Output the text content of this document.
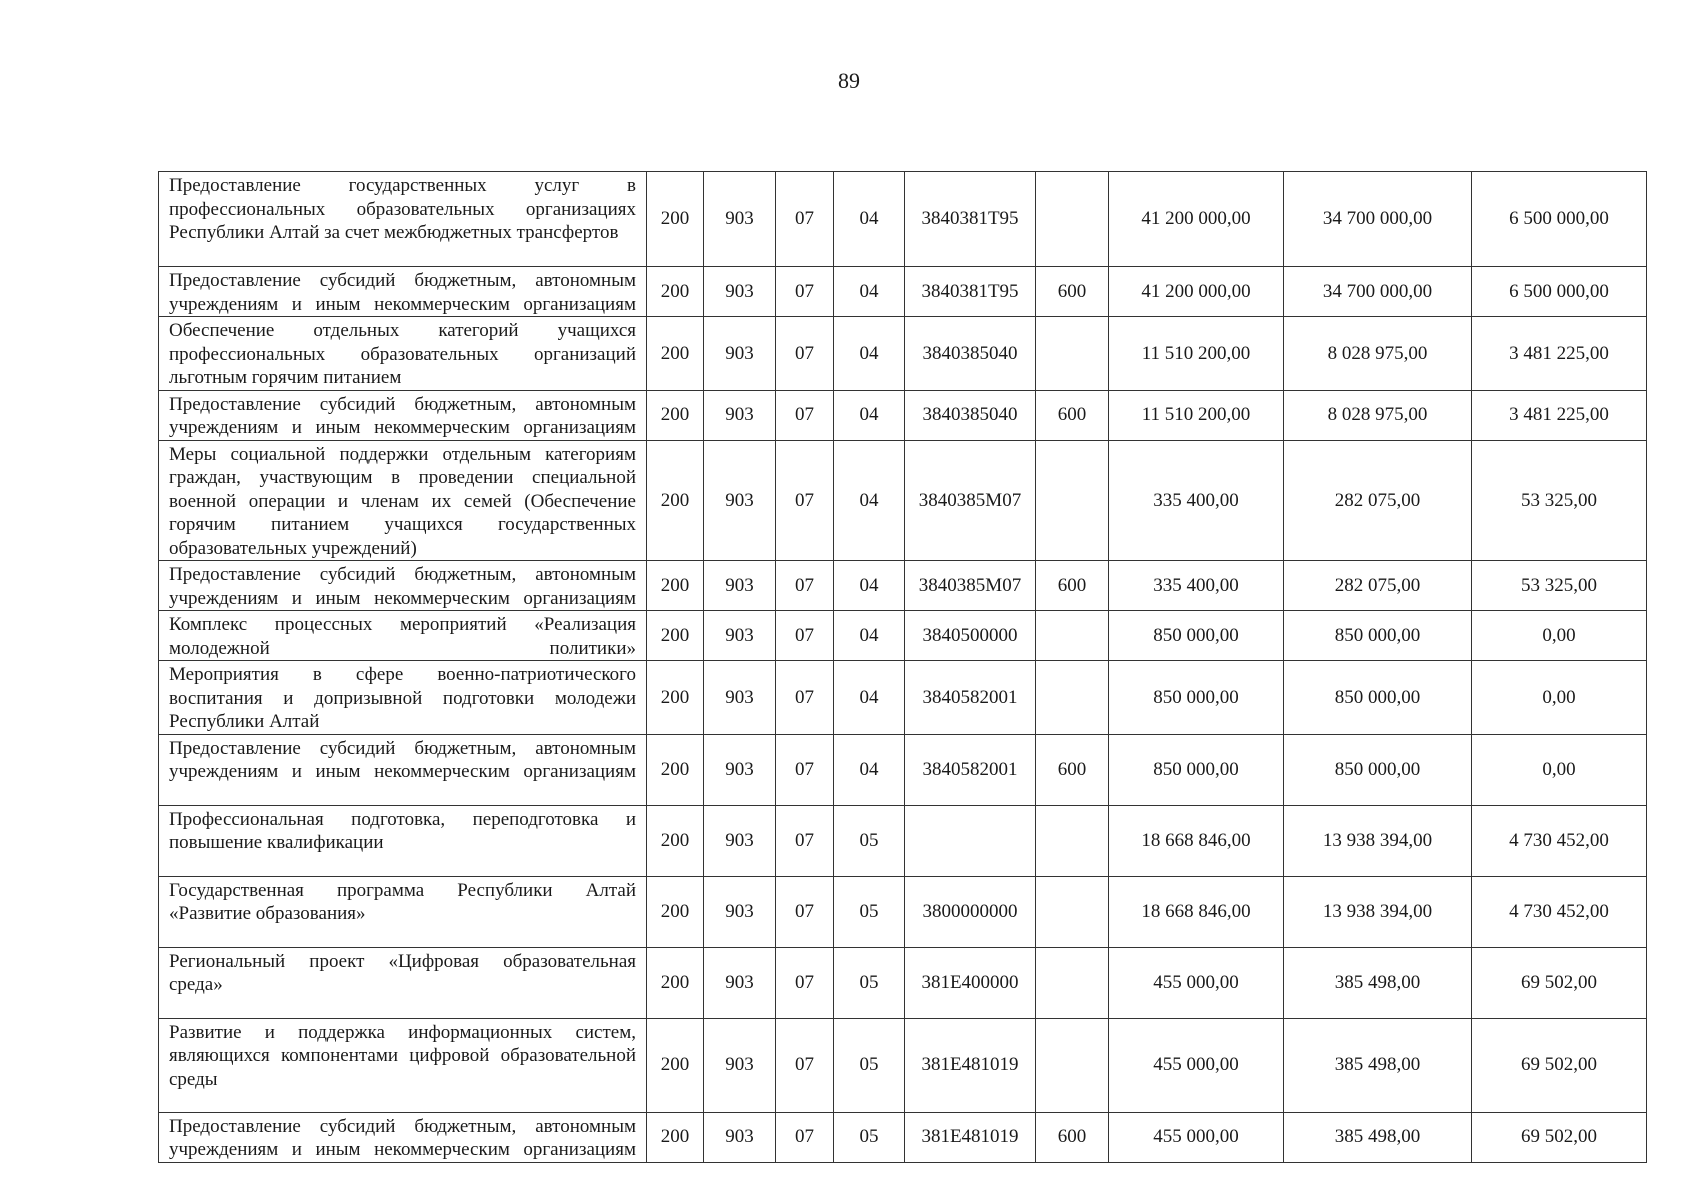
89
Предоставление государственных услуг в профессиональных образовательных организациях Республики Алтай за счет межбюджетных трансфертов	200	903	07	04	3840381Т95		41 200 000,00	34 700 000,00	6 500 000,00
Предоставление субсидий бюджетным, автономным учреждениям и иным некоммерческим организациям	200	903	07	04	3840381Т95	600	41 200 000,00	34 700 000,00	6 500 000,00
Обеспечение отдельных категорий учащихся профессиональных образовательных организаций льготным горячим питанием	200	903	07	04	3840385040		11 510 200,00	8 028 975,00	3 481 225,00
Предоставление субсидий бюджетным, автономным учреждениям и иным некоммерческим организациям	200	903	07	04	3840385040	600	11 510 200,00	8 028 975,00	3 481 225,00
Меры социальной поддержки отдельным категориям граждан, участвующим в проведении специальной военной операции и членам их семей (Обеспечение горячим питанием учащихся государственных образовательных учреждений)	200	903	07	04	3840385М07		335 400,00	282 075,00	53 325,00
Предоставление субсидий бюджетным, автономным учреждениям и иным некоммерческим организациям	200	903	07	04	3840385М07	600	335 400,00	282 075,00	53 325,00
Комплекс процессных мероприятий «Реализация молодежной политики»	200	903	07	04	3840500000		850 000,00	850 000,00	0,00
Мероприятия в сфере военно-патриотического воспитания и допризывной подготовки молодежи Республики Алтай	200	903	07	04	3840582001		850 000,00	850 000,00	0,00
Предоставление субсидий бюджетным, автономным учреждениям и иным некоммерческим организациям	200	903	07	04	3840582001	600	850 000,00	850 000,00	0,00
Профессиональная подготовка, переподготовка и повышение квалификации	200	903	07	05			18 668 846,00	13 938 394,00	4 730 452,00
Государственная программа Республики Алтай «Развитие образования»	200	903	07	05	3800000000		18 668 846,00	13 938 394,00	4 730 452,00
Региональный проект «Цифровая образовательная среда»	200	903	07	05	381Е400000		455 000,00	385 498,00	69 502,00
Развитие и поддержка информационных систем, являющихся компонентами цифровой образовательной среды	200	903	07	05	381Е481019		455 000,00	385 498,00	69 502,00
Предоставление субсидий бюджетным, автономным учреждениям и иным некоммерческим организациям	200	903	07	05	381Е481019	600	455 000,00	385 498,00	69 502,00
